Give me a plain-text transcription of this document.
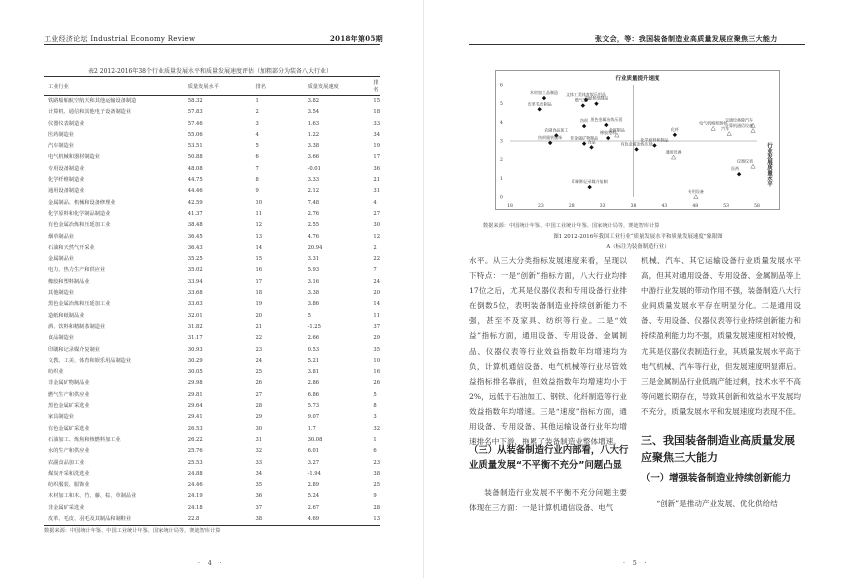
工业经济论坛 Industrial Economy Review	2018年第05期
表2 2012-2016年38个行业质量发展水平和质量发展速度评估（加粗部分为装备八大行业）
工业行业	质量发展水平	排名	质量发展速度	排名
铁路船舶航空航天和其他运输设备制造	58.32	1	3.82	15
计算机、通信和其他电子设备制造业	57.83	2	3.54	18
仪器仪表制造业	57.46	3	1.63	33
医药制造业	55.06	4	1.22	34
汽车制造业	53.51	5	3.38	19
电气机械和器材制造业	50.88	6	3.66	17
专用设备制造业	48.08	7	-0.01	36
化学纤维制造业	44.75	8	3.33	21
通用设备制造业	44.46	9	2.12	31
金属制品、机械和设备修理业	42.59	10	7.48	4
化学原料和化学制品制造业	41.37	11	2.76	27
有色金属冶炼和压延加工业	38.48	12	2.55	30
烟草制品业	36.45	13	4.76	12
石油和天然气开采业	36.43	14	20.94	2
金属制品业	35.25	15	3.31	22
电力、热力生产和供应业	35.02	16	5.93	7
橡胶和塑料制品业	33.94	17	3.16	24
其他制造业	33.68	18	3.38	20
黑色金属冶炼和压延加工业	33.63	19	3.86	14
造纸和纸制品业	32.01	20	5	11
酒、饮料和精制茶制造业	31.82	21	-1.25	37
食品制造业	31.17	22	2.66	29
印刷和记录媒介复制业	30.93	23	0.53	35
文教、工美、体育和娱乐用品制造业	30.29	24	5.21	10
纺织业	30.05	25	3.81	16
非金属矿物制品业	29.98	26	2.86	26
燃气生产和供应业	29.81	27	6.86	5
黑色金属矿采选业	29.64	28	5.73	8
家具制造业	29.41	29	9.07	3
有色金属矿采选业	26.53	30	1.7	32
石油加工、炼焦和核燃料加工业	26.22	31	30.08	1
水的生产和供应业	25.76	32	6.01	6
农副食品加工业	25.53	33	3.27	23
煤炭开采和洗选业	24.88	34	-1.94	38
纺织服装、服饰业	24.46	35	2.89	25
木材加工和木、竹、藤、棕、草制品业	24.19	36	5.24	9
非金属矿采选业	24.18	37	2.67	28
皮革、毛皮、羽毛及其制品和制鞋业	22.8	38	4.69	13
数据来源：中国统计年鉴、中国工业统计年鉴、国家统计局等，赛迪智库计算
· 4 ·
张文会，等：我国装备制造业高质量发展应聚焦三大能力
行业质量提升速度
行业发展质量水平
18	23	28	33	38	43	48	53	58
0
1
2
3
4
5
6
木材加工品制造 文体工美体育娱乐用品
燃气生产
皮革毛皮制品
造纸和纸制品
纺织 黑色金属冶炼压延
农副食品加工
橡胶塑料
纺织服装服饰 非金属矿物制品
食品	有色金属冶炼压延
化学原料和制品
化纤
医药
印刷和记录媒介复制
金属制品
电气机械和器材
汽车
交通设备除汽车
计算机通信设备
通用设备
仪器仪表
专用设备
数据来源：中国统计年鉴、中国工业统计年鉴、国家统计局等，赛迪智库计算
图1 2012-2016年我国工业行业“质量发展水平和质量发展速度”象限图
A（标注为装备制造行业）
水平。从三大分类指标发展速度来看，呈现以下特点：一是“创新”指标方面，八大行业均排17位之后，尤其是仪器仪表和专用设备行业排在倒数5位，表明装备制造业持续创新能力不强，甚至不及家具、纺织等行业。二是“效益”指标方面，通用设备、专用设备、金属制品、仪器仪表等行业效益指数年均增速均为负，计算机通信设备、电气机械等行业尽管效益指标排名靠前，但效益指数年均增速均小于2%，远低于石油加工、钢铁、化纤制造等行业效益指数年均增速。三是“速度”指标方面，通用设备、专用设备、其他运输设备行业年均增速排名中下游，拖累了装备制造业整体增速。
（三）从装备制造行业内部看，八大行业质量发展“不平衡不充分”问题凸显
装备制造行业发展不平衡不充分问题主要体现在三方面：一是计算机通信设备、电气
机械、汽车、其它运输设备行业质量发展水平高，但其对通用设备、专用设备、金属制品等上中游行业发展的带动作用不强，装备制造八大行业间质量发展水平存在明显分化。二是通用设备、专用设备、仪器仪表等行业持续创新能力和持续盈利能力均不强，质量发展速度相对较慢，尤其是仪器仪表制造行业，其质量发展水平高于电气机械、汽车等行业，但发展速度明显滞后。三是金属制品行业低端产能过剩，技术水平不高等问题长期存在，导致其创新和效益水平发展均不充分，质量发展水平和发展速度均表现不佳。
三、我国装备制造业高质量发展应聚焦三大能力
（一）增强装备制造业持续创新能力
“创新”是推动产业发展、优化供给结
· 5 ·
